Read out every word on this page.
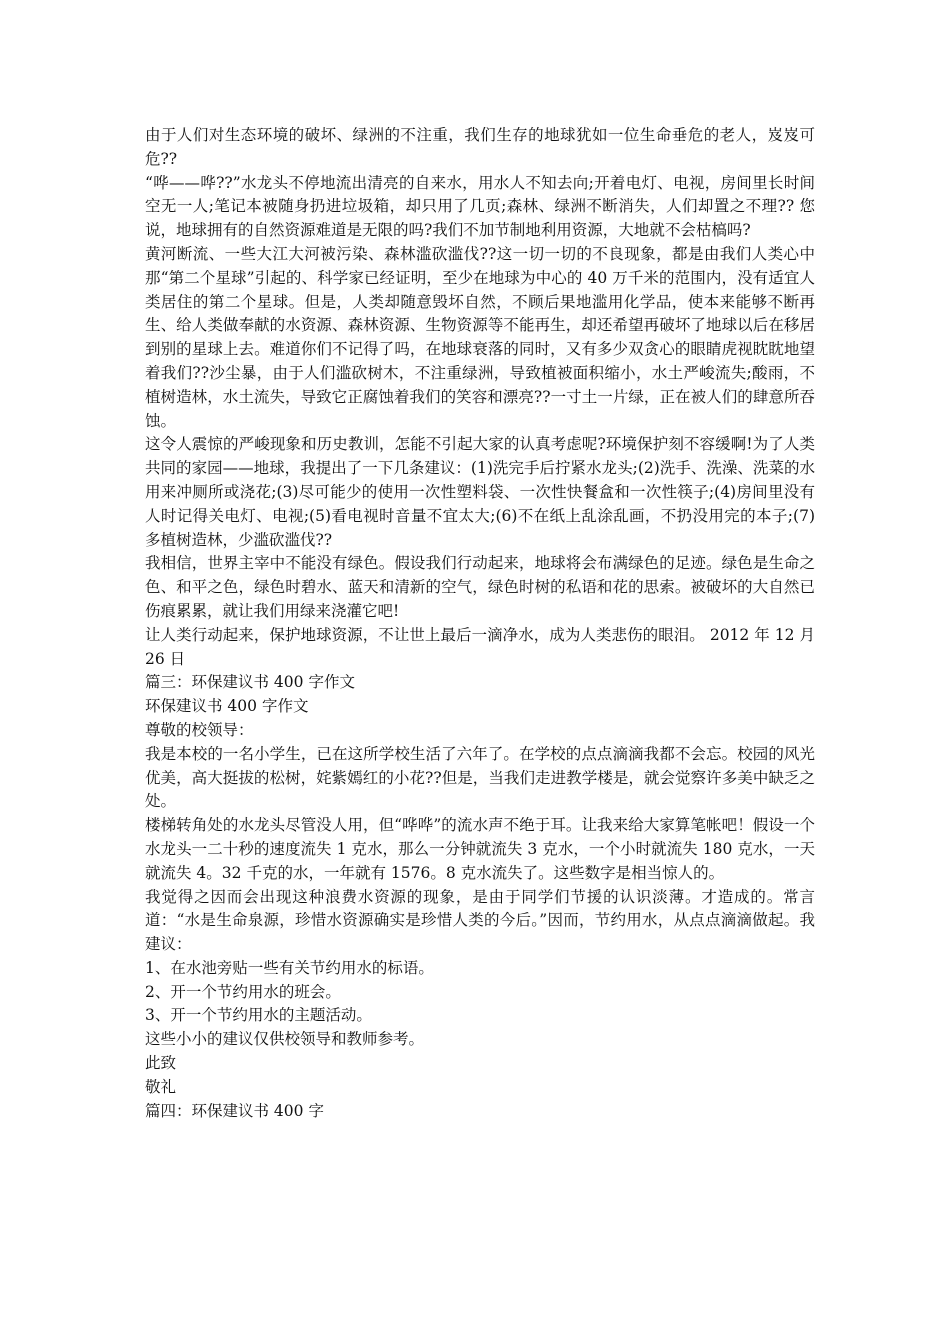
由于人们对生态环境的破坏、绿洲的不注重，我们生存的地球犹如一位生命垂危的老人，岌岌可危??

“哗——哗??”水龙头不停地流出清亮的自来水，用水人不知去向;开着电灯、电视，房间里长时间空无一人;笔记本被随身扔进垃圾箱，却只用了几页;森林、绿洲不断消失，人们却置之不理?? 您说，地球拥有的自然资源难道是无限的吗?我们不加节制地利用资源，大地就不会枯槁吗?

黄河断流、一些大江大河被污染、森林滥砍滥伐??这一切一切的不良现象，都是由我们人类心中那“第二个星球”引起的、科学家已经证明，至少在地球为中心的 40 万千米的范围内，没有适宜人类居住的第二个星球。但是，人类却随意毁坏自然，不顾后果地滥用化学品，使本来能够不断再生、给人类做奉献的水资源、森林资源、生物资源等不能再生，却还希望再破坏了地球以后在移居到别的星球上去。难道你们不记得了吗，在地球衰落的同时，又有多少双贪心的眼睛虎视眈眈地望着我们??沙尘暴，由于人们滥砍树木，不注重绿洲，导致植被面积缩小，水土严峻流失;酸雨，不植树造林，水土流失，导致它正腐蚀着我们的笑容和漂亮??一寸土一片绿，正在被人们的肆意所吞蚀。

这令人震惊的严峻现象和历史教训，怎能不引起大家的认真考虑呢?环境保护刻不容缓啊!为了人类共同的家园——地球，我提出了一下几条建议：(1)洗完手后拧紧水龙头;(2)洗手、洗澡、洗菜的水用来冲厕所或浇花;(3)尽可能少的使用一次性塑料袋、一次性快餐盒和一次性筷子;(4)房间里没有人时记得关电灯、电视;(5)看电视时音量不宜太大;(6)不在纸上乱涂乱画，不扔没用完的本子;(7)多植树造林，少滥砍滥伐??

我相信，世界主宰中不能没有绿色。假设我们行动起来，地球将会布满绿色的足迹。绿色是生命之色、和平之色，绿色时碧水、蓝天和清新的空气，绿色时树的私语和花的思索。被破坏的大自然已伤痕累累，就让我们用绿来浇灌它吧!

让人类行动起来，保护地球资源，不让世上最后一滴净水，成为人类悲伤的眼泪。 2012 年 12 月 26 日

篇三：环保建议书 400 字作文

环保建议书 400 字作文

尊敬的校领导：

我是本校的一名小学生，已在这所学校生活了六年了。在学校的点点滴滴我都不会忘。校园的风光优美，高大挺拔的松树，姹紫嫣红的小花??但是，当我们走进教学楼是，就会觉察许多美中缺乏之处。

楼梯转角处的水龙头尽管没人用，但“哗哗”的流水声不绝于耳。让我来给大家算笔帐吧！假设一个水龙头一二十秒的速度流失 1 克水，那么一分钟就流失 3 克水，一个小时就流失 180 克水，一天就流失 4。32 千克的水，一年就有 1576。8 克水流失了。这些数字是相当惊人的。

我觉得之因而会出现这种浪费水资源的现象，是由于同学们节援的认识淡薄。才造成的。常言道：“水是生命泉源，珍惜水资源确实是珍惜人类的今后。”因而，节约用水，从点点滴滴做起。我建议：

1、在水池旁贴一些有关节约用水的标语。

2、开一个节约用水的班会。

3、开一个节约用水的主题活动。

这些小小的建议仅供校领导和教师参考。

此致

敬礼

篇四：环保建议书 400 字
